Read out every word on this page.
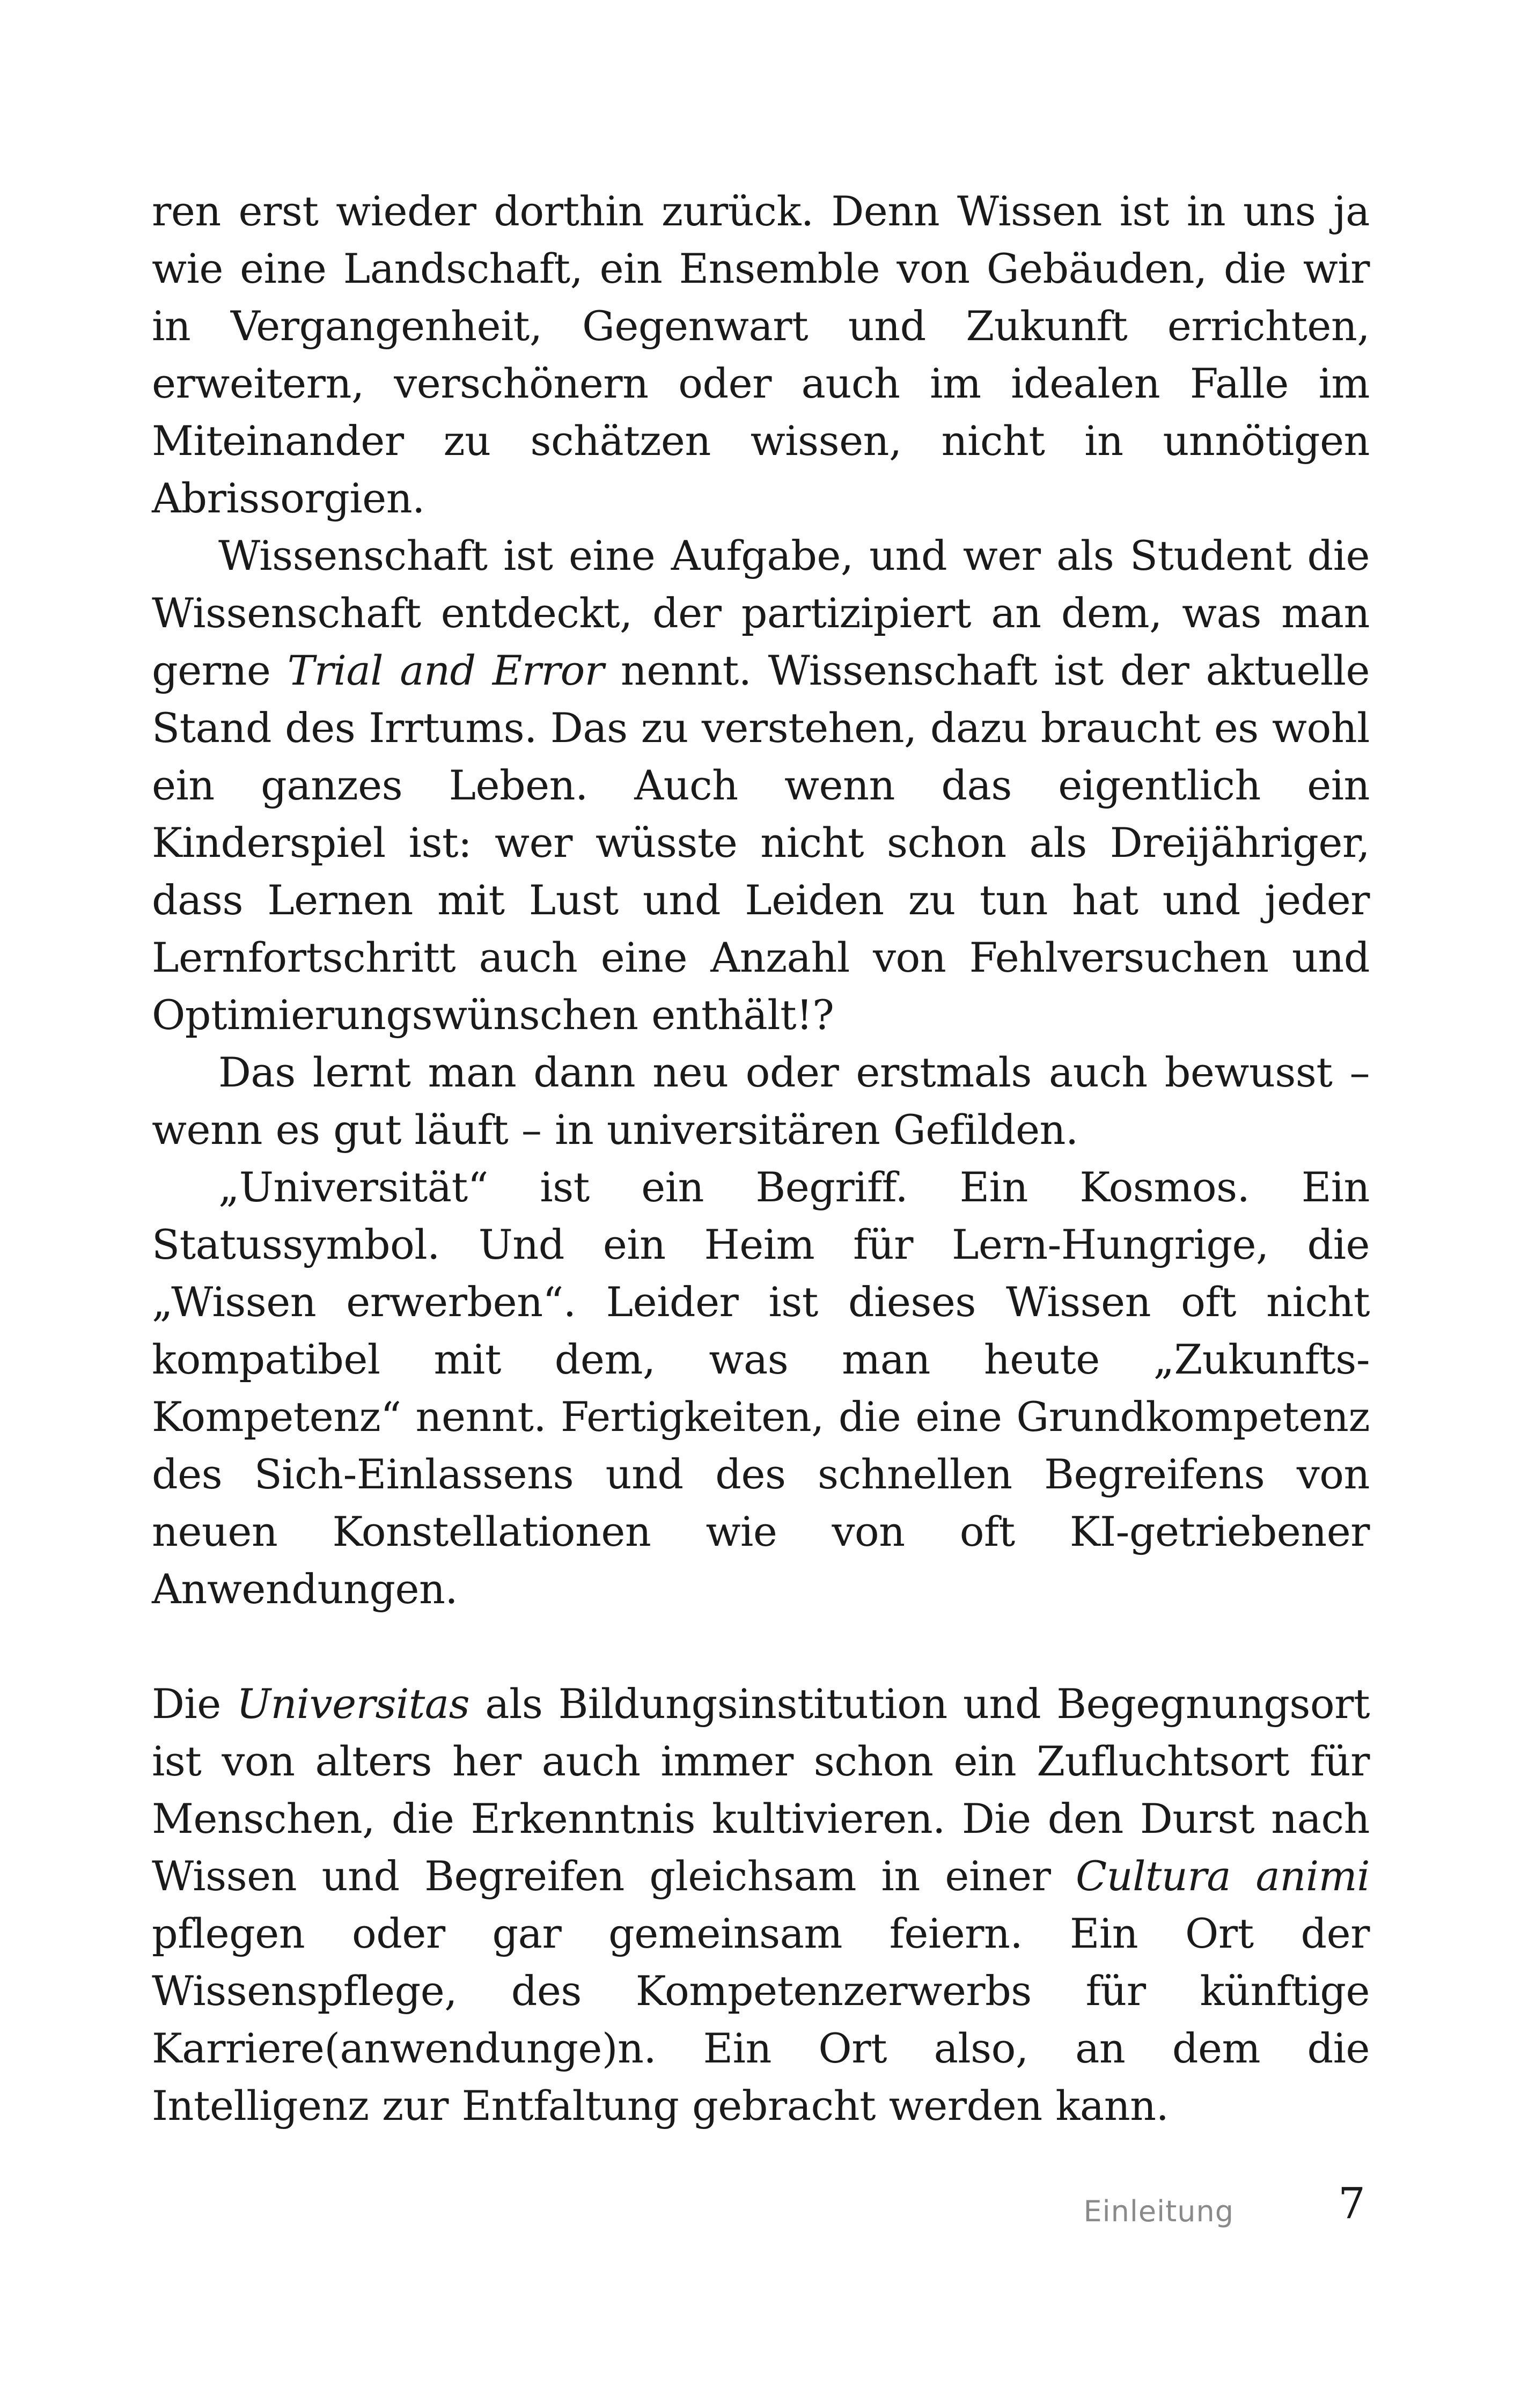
ren erst wieder dorthin zurück. Denn Wissen ist in uns ja wie eine Landschaft, ein Ensemble von Gebäuden, die wir in Vergangenheit, Gegenwart und Zukunft errichten, erweitern, verschönern oder auch im idealen Falle im Miteinander zu schätzen wissen, nicht in unnötigen Abrissorgien.

Wissenschaft ist eine Aufgabe, und wer als Student die Wissenschaft entdeckt, der partizipiert an dem, was man gerne Trial and Error nennt. Wissenschaft ist der aktuelle Stand des Irrtums. Das zu verstehen, dazu braucht es wohl ein ganzes Leben. Auch wenn das eigentlich ein Kinderspiel ist: wer wüsste nicht schon als Dreijähriger, dass Lernen mit Lust und Leiden zu tun hat und jeder Lernfortschritt auch eine Anzahl von Fehlversuchen und Optimierungswünschen enthält!?

Das lernt man dann neu oder erstmals auch bewusst – wenn es gut läuft – in universitären Gefilden.

„Universität“ ist ein Begriff. Ein Kosmos. Ein Statussymbol. Und ein Heim für Lern-Hungrige, die „Wissen erwerben“. Leider ist dieses Wissen oft nicht kompatibel mit dem, was man heute „Zukunfts-Kompetenz“ nennt. Fertigkeiten, die eine Grundkompetenz des Sich-Einlassens und des schnellen Begreifens von neuen Konstellationen wie von oft KI-getriebener Anwendungen.

Die Universitas als Bildungsinstitution und Begegnungsort ist von alters her auch immer schon ein Zufluchtsort für Menschen, die Erkenntnis kultivieren. Die den Durst nach Wissen und Begreifen gleichsam in einer Cultura animi pflegen oder gar gemeinsam feiern. Ein Ort der Wissenspflege, des Kompetenzerwerbs für künftige Karriere(anwendunge)n. Ein Ort also, an dem die Intelligenz zur Entfaltung gebracht werden kann.

Einleitung 7
